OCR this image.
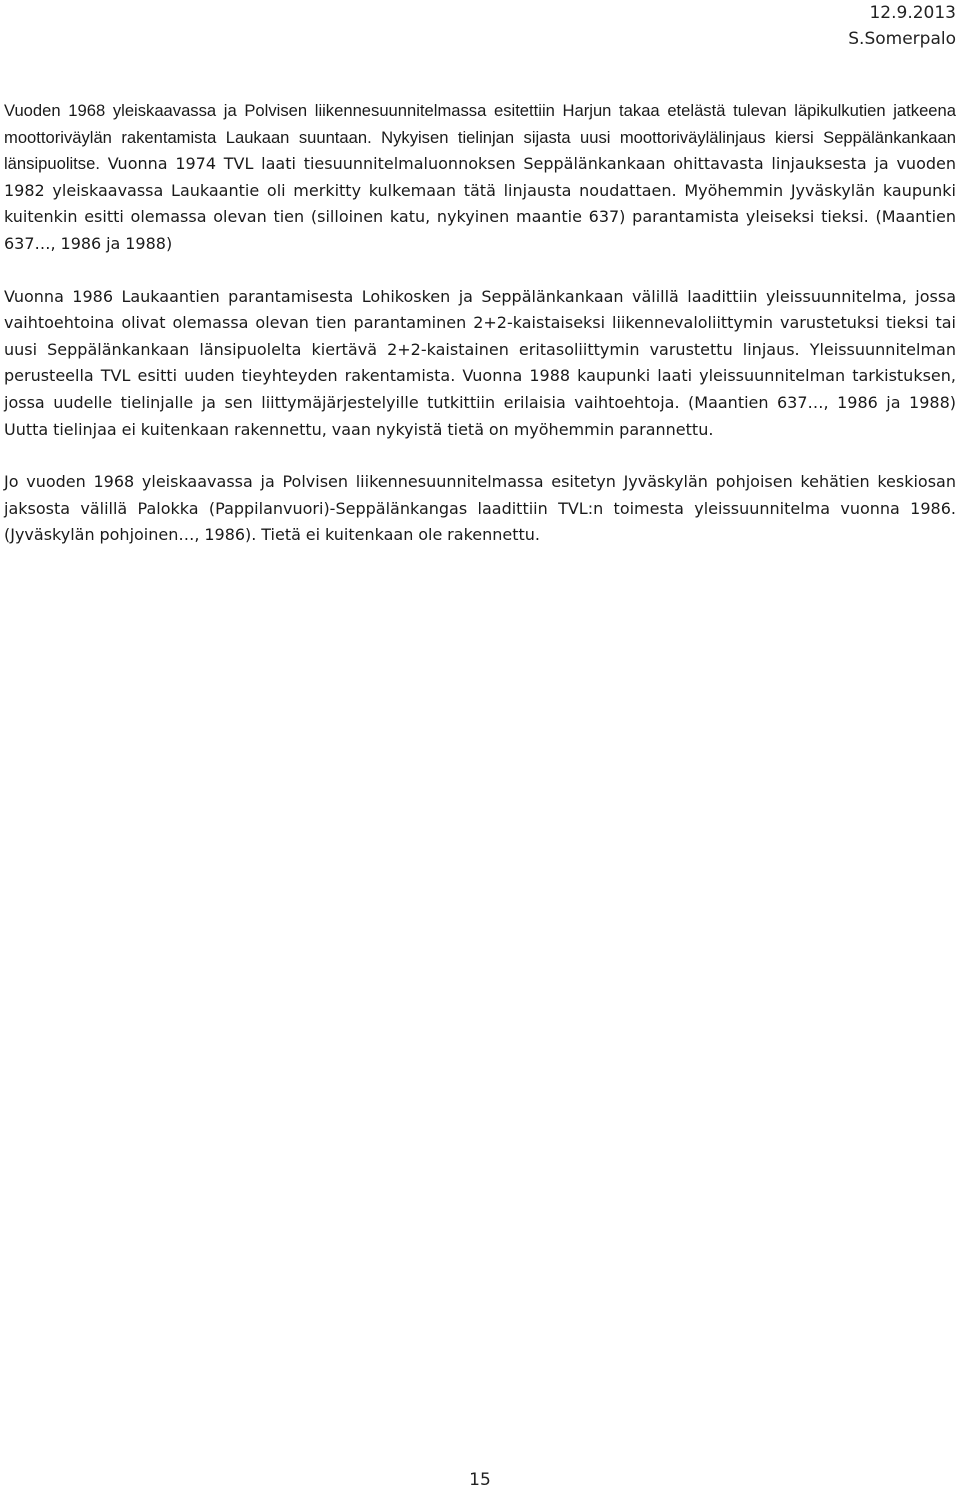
12.9.2013
S.Somerpalo

Vuoden 1968 yleiskaavassa ja Polvisen liikennesuunnitelmassa esitettiin Harjun takaa etelästä tulevan läpikulkutien jatkeena moottoriväylän rakentamista Laukaan suuntaan. Nykyisen tielinjan sijasta uusi moottoriväylälinjaus kiersi Seppälänkankaan länsipuolitse. Vuonna 1974 TVL laati tiesuunnitelmaluonnoksen Seppälänkankaan ohittavasta linjauksesta ja vuoden 1982 yleiskaavassa Laukaantie oli merkitty kulkemaan tätä linjausta noudattaen. Myöhemmin Jyväskylän kaupunki kuitenkin esitti olemassa olevan tien (silloinen katu, nykyinen maantie 637) parantamista yleiseksi tieksi. (Maantien 637…, 1986 ja 1988)

Vuonna 1986 Laukaantien parantamisesta Lohikosken ja Seppälänkankaan välillä laadittiin yleissuunnitelma, jossa vaihtoehtoina olivat olemassa olevan tien parantaminen 2+2-kaistaiseksi liikennevaloliittymin varustetuksi tieksi tai uusi Seppälänkankaan länsipuolelta kiertävä 2+2-kaistainen eritasoliittymin varustettu linjaus. Yleissuunnitelman perusteella TVL esitti uuden tieyhteyden rakentamista. Vuonna 1988 kaupunki laati yleissuunnitelman tarkistuksen, jossa uudelle tielinjalle ja sen liittymäjärjestelyille tutkittiin erilaisia vaihtoehtoja. (Maantien 637…, 1986 ja 1988) Uutta tielinjaa ei kuitenkaan rakennettu, vaan nykyistä tietä on myöhemmin parannettu.

Jo vuoden 1968 yleiskaavassa ja Polvisen liikennesuunnitelmassa esitetyn Jyväskylän pohjoisen kehätien keskiosan jaksosta välillä Palokka (Pappilanvuori)-Seppälänkangas laadittiin TVL:n toimesta yleissuunnitelma vuonna 1986. (Jyväskylän pohjoinen…, 1986). Tietä ei kuitenkaan ole rakennettu.

15
